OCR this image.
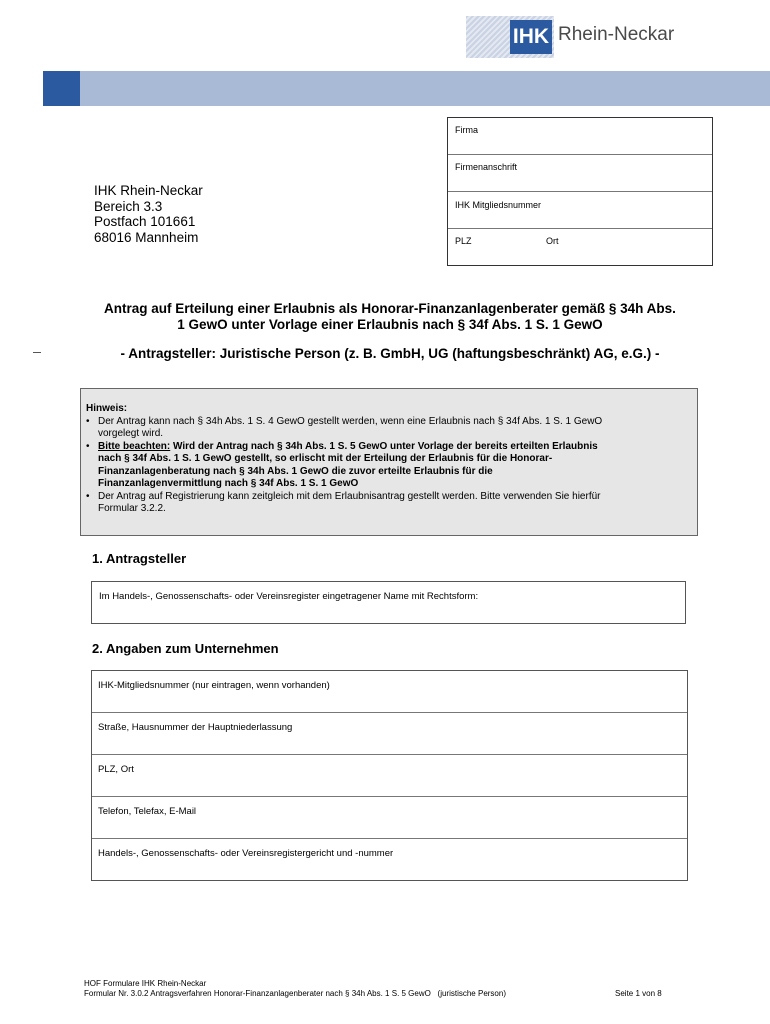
IHK Rhein-Neckar
Firma
Firmenanschrift
IHK Mitgliedsnummer
PLZ	Ort
IHK Rhein-Neckar
Bereich 3.3
Postfach 101661
68016 Mannheim
Antrag auf Erteilung einer Erlaubnis als Honorar-Finanzanlagenberater gemäß § 34h Abs.
1 GewO unter Vorlage einer Erlaubnis nach § 34f Abs. 1 S. 1 GewO
- Antragsteller: Juristische Person (z. B. GmbH, UG (haftungsbeschränkt) AG, e.G.) -
Hinweis:
• Der Antrag kann nach § 34h Abs. 1 S. 4 GewO gestellt werden, wenn eine Erlaubnis nach § 34f Abs. 1 S. 1 GewO
vorgelegt wird.
• Bitte beachten: Wird der Antrag nach § 34h Abs. 1 S. 5 GewO unter Vorlage der bereits erteilten Erlaubnis
nach § 34f Abs. 1 S. 1 GewO gestellt, so erlischt mit der Erteilung der Erlaubnis für die Honorar-
Finanzanlagenberatung nach § 34h Abs. 1 GewO die zuvor erteilte Erlaubnis für die
Finanzanlagenvermittlung nach § 34f Abs. 1 S. 1 GewO
• Der Antrag auf Registrierung kann zeitgleich mit dem Erlaubnisantrag gestellt werden. Bitte verwenden Sie hierfür
Formular 3.2.2.
1. Antragsteller
Im Handels-, Genossenschafts- oder Vereinsregister eingetragener Name mit Rechtsform:
2. Angaben zum Unternehmen
IHK-Mitgliedsnummer (nur eintragen, wenn vorhanden)
Straße, Hausnummer der Hauptniederlassung
PLZ, Ort
Telefon, Telefax, E-Mail
Handels-, Genossenschafts- oder Vereinsregistergericht und -nummer
HOF Formulare IHK Rhein-Neckar
Formular Nr. 3.0.2 Antragsverfahren Honorar-Finanzanlagenberater nach § 34h Abs. 1 S. 5 GewO   (juristische Person)	Seite 1 von 8
